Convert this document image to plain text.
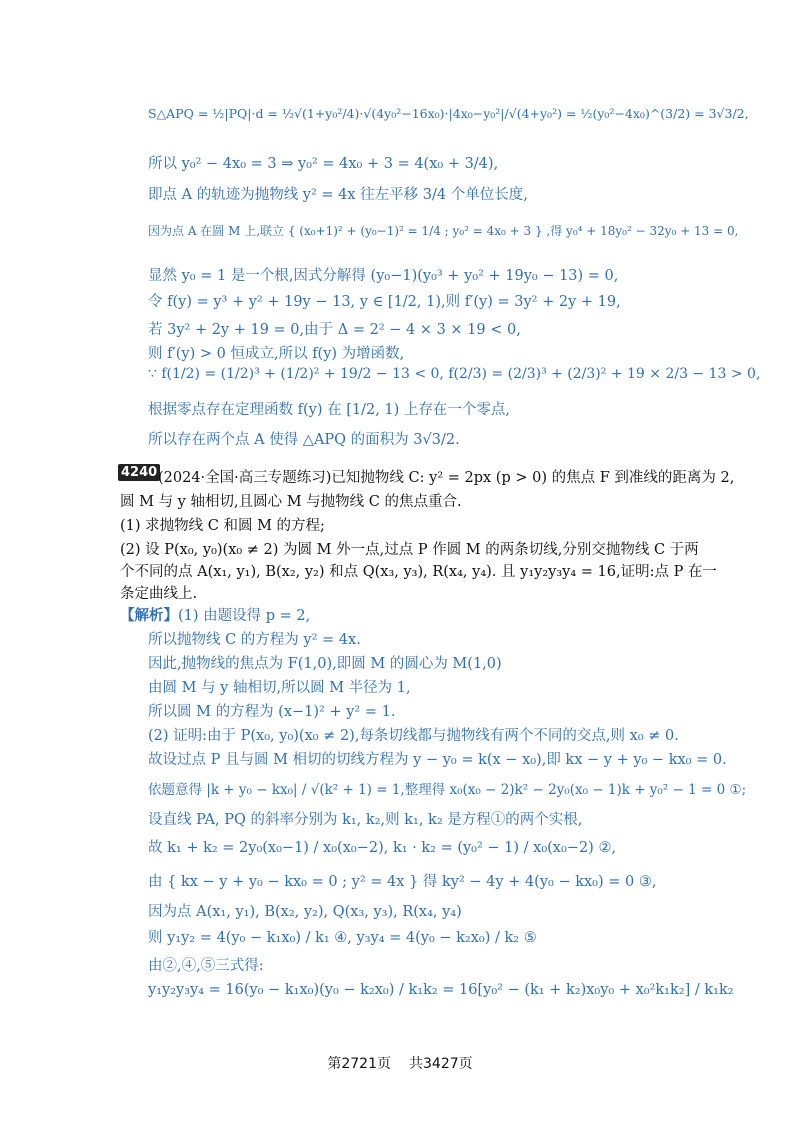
S△APQ = ½|PQ|·d = ½√(1+y₀²/4)·√(4y₀²−16x₀)·|4x₀−y₀²|/√(4+y₀²) = ½(y₀²−4x₀)^(3/2) = 3√3/2,
所以 y₀² − 4x₀ = 3 ⇒ y₀² = 4x₀ + 3 = 4(x₀ + 3/4),
即点 A 的轨迹为抛物线 y² = 4x 往左平移 3/4 个单位长度,
因为点 A 在圆 M 上,联立 { (x₀+1)² + (y₀−1)² = 1/4 ; y₀² = 4x₀ + 3 } ,得 y₀⁴ + 18y₀² − 32y₀ + 13 = 0,
显然 y₀ = 1 是一个根,因式分解得 (y₀−1)(y₀³ + y₀² + 19y₀ − 13) = 0,
令 f(y) = y³ + y² + 19y − 13, y ∈ [1/2, 1),则 f′(y) = 3y² + 2y + 19,
若 3y² + 2y + 19 = 0,由于 Δ = 2² − 4 × 3 × 19 < 0,
则 f′(y) > 0 恒成立,所以 f(y) 为增函数,
∵ f(1/2) = (1/2)³ + (1/2)² + 19/2 − 13 < 0, f(2/3) = (2/3)³ + (2/3)² + 19 × 2/3 − 13 > 0,
根据零点存在定理函数 f(y) 在 [1/2, 1) 上存在一个零点,
所以存在两个点 A 使得 △APQ 的面积为 3√3/2.
4240 (2024·全国·高三专题练习)已知抛物线 C: y² = 2px (p > 0) 的焦点 F 到准线的距离为 2,
圆 M 与 y 轴相切,且圆心 M 与抛物线 C 的焦点重合.
(1) 求抛物线 C 和圆 M 的方程;
(2) 设 P(x₀, y₀)(x₀ ≠ 2) 为圆 M 外一点,过点 P 作圆 M 的两条切线,分别交抛物线 C 于两
个不同的点 A(x₁, y₁), B(x₂, y₂) 和点 Q(x₃, y₃), R(x₄, y₄). 且 y₁y₂y₃y₄ = 16,证明:点 P 在一
条定曲线上.
【解析】(1) 由题设得 p = 2,
所以抛物线 C 的方程为 y² = 4x.
因此,抛物线的焦点为 F(1,0),即圆 M 的圆心为 M(1,0)
由圆 M 与 y 轴相切,所以圆 M 半径为 1,
所以圆 M 的方程为 (x−1)² + y² = 1.
(2) 证明:由于 P(x₀, y₀)(x₀ ≠ 2),每条切线都与抛物线有两个不同的交点,则 x₀ ≠ 0.
故设过点 P 且与圆 M 相切的切线方程为 y − y₀ = k(x − x₀),即 kx − y + y₀ − kx₀ = 0.
依题意得 |k + y₀ − kx₀| / √(k² + 1) = 1,整理得 x₀(x₀ − 2)k² − 2y₀(x₀ − 1)k + y₀² − 1 = 0 ①;
设直线 PA, PQ 的斜率分别为 k₁, k₂,则 k₁, k₂ 是方程①的两个实根,
故 k₁ + k₂ = 2y₀(x₀−1) / x₀(x₀−2), k₁ · k₂ = (y₀² − 1) / x₀(x₀−2) ②,
由 { kx − y + y₀ − kx₀ = 0 ; y² = 4x } 得 ky² − 4y + 4(y₀ − kx₀) = 0 ③,
因为点 A(x₁, y₁), B(x₂, y₂), Q(x₃, y₃), R(x₄, y₄)
则 y₁y₂ = 4(y₀ − k₁x₀) / k₁ ④, y₃y₄ = 4(y₀ − k₂x₀) / k₂ ⑤
由②,④,⑤三式得:
y₁y₂y₃y₄ = 16(y₀ − k₁x₀)(y₀ − k₂x₀) / k₁k₂ = 16[y₀² − (k₁ + k₂)x₀y₀ + x₀²k₁k₂] / k₁k₂
第2721页 共3427页
